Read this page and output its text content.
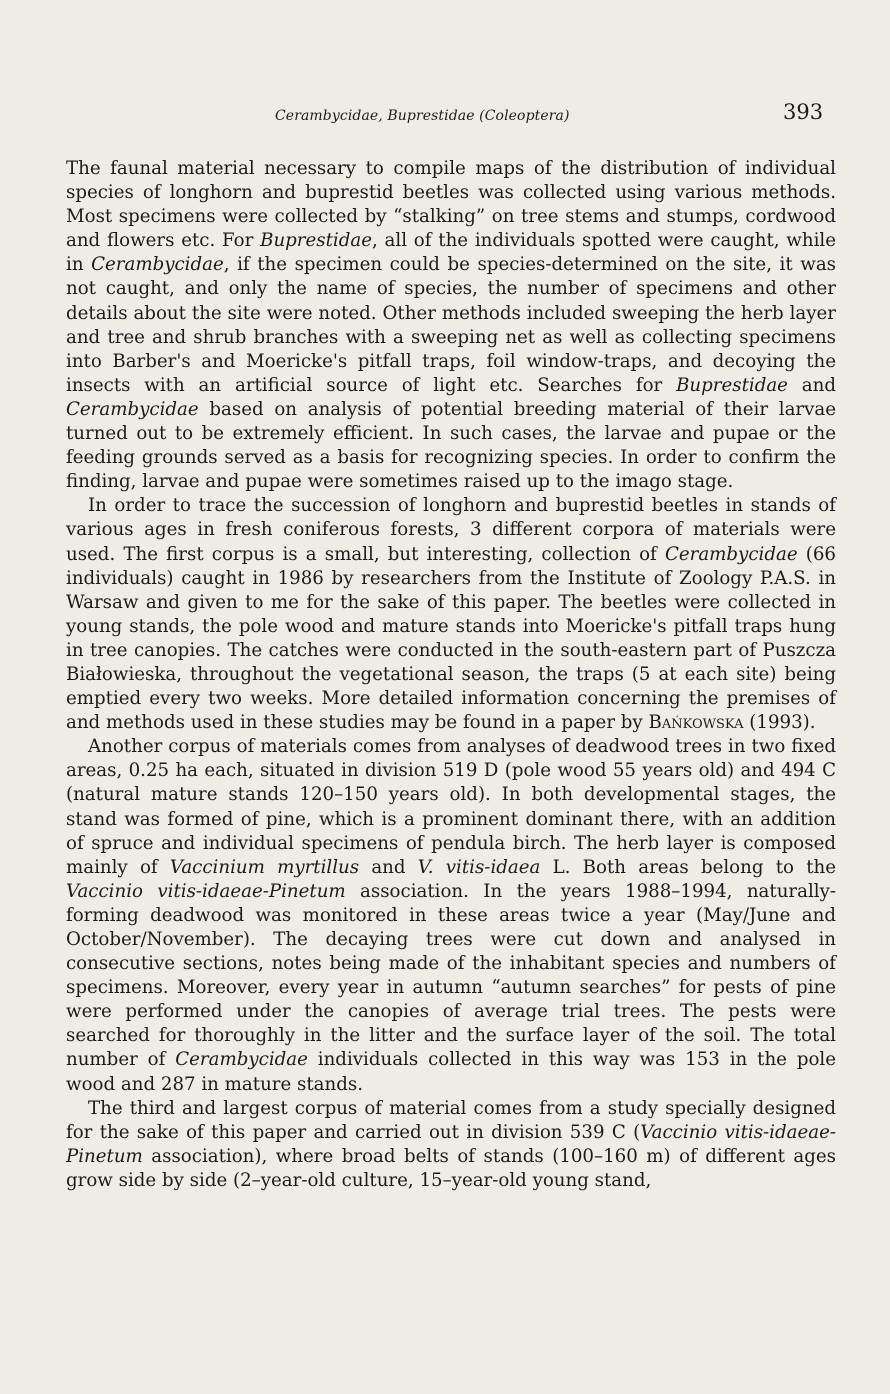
Cerambycidae, Buprestidae (Coleoptera)	393

The faunal material necessary to compile maps of the distribution of individual species of longhorn and buprestid beetles was collected using various methods. Most specimens were collected by “stalking” on tree stems and stumps, cordwood and flowers etc. For Buprestidae, all of the individuals spotted were caught, while in Cerambycidae, if the specimen could be species-determined on the site, it was not caught, and only the name of species, the number of specimens and other details about the site were noted. Other methods included sweeping the herb layer and tree and shrub branches with a sweeping net as well as collecting specimens into Barber's and Moericke's pitfall traps, foil window-traps, and decoying the insects with an artificial source of light etc. Searches for Buprestidae and Cerambycidae based on analysis of potential breeding material of their larvae turned out to be extremely efficient. In such cases, the larvae and pupae or the feeding grounds served as a basis for recognizing species. In order to confirm the finding, larvae and pupae were sometimes raised up to the imago stage.

In order to trace the succession of longhorn and buprestid beetles in stands of various ages in fresh coniferous forests, 3 different corpora of materials were used. The first corpus is a small, but interesting, collection of Cerambycidae (66 individuals) caught in 1986 by researchers from the Institute of Zoology P.A.S. in Warsaw and given to me for the sake of this paper. The beetles were collected in young stands, the pole wood and mature stands into Moericke's pitfall traps hung in tree canopies. The catches were conducted in the south-eastern part of Puszcza Białowieska, throughout the vegetational season, the traps (5 at each site) being emptied every two weeks. More detailed information concerning the premises of and methods used in these studies may be found in a paper by Bańkowska (1993).

Another corpus of materials comes from analyses of deadwood trees in two fixed areas, 0.25 ha each, situated in division 519 D (pole wood 55 years old) and 494 C (natural mature stands 120–150 years old). In both developmental stages, the stand was formed of pine, which is a prominent dominant there, with an addition of spruce and individual specimens of pendula birch. The herb layer is composed mainly of Vaccinium myrtillus and V. vitis-idaea L. Both areas belong to the Vaccinio vitis-idaeae-Pinetum association. In the years 1988–1994, naturally-forming deadwood was monitored in these areas twice a year (May/June and October/November). The decaying trees were cut down and analysed in consecutive sections, notes being made of the inhabitant species and numbers of specimens. Moreover, every year in autumn “autumn searches” for pests of pine were performed under the canopies of average trial trees. The pests were searched for thoroughly in the litter and the surface layer of the soil. The total number of Cerambycidae individuals collected in this way was 153 in the pole wood and 287 in mature stands.

The third and largest corpus of material comes from a study specially designed for the sake of this paper and carried out in division 539 C (Vaccinio vitis-idaeae-Pinetum association), where broad belts of stands (100–160 m) of different ages grow side by side (2–year-old culture, 15–year-old young stand,
